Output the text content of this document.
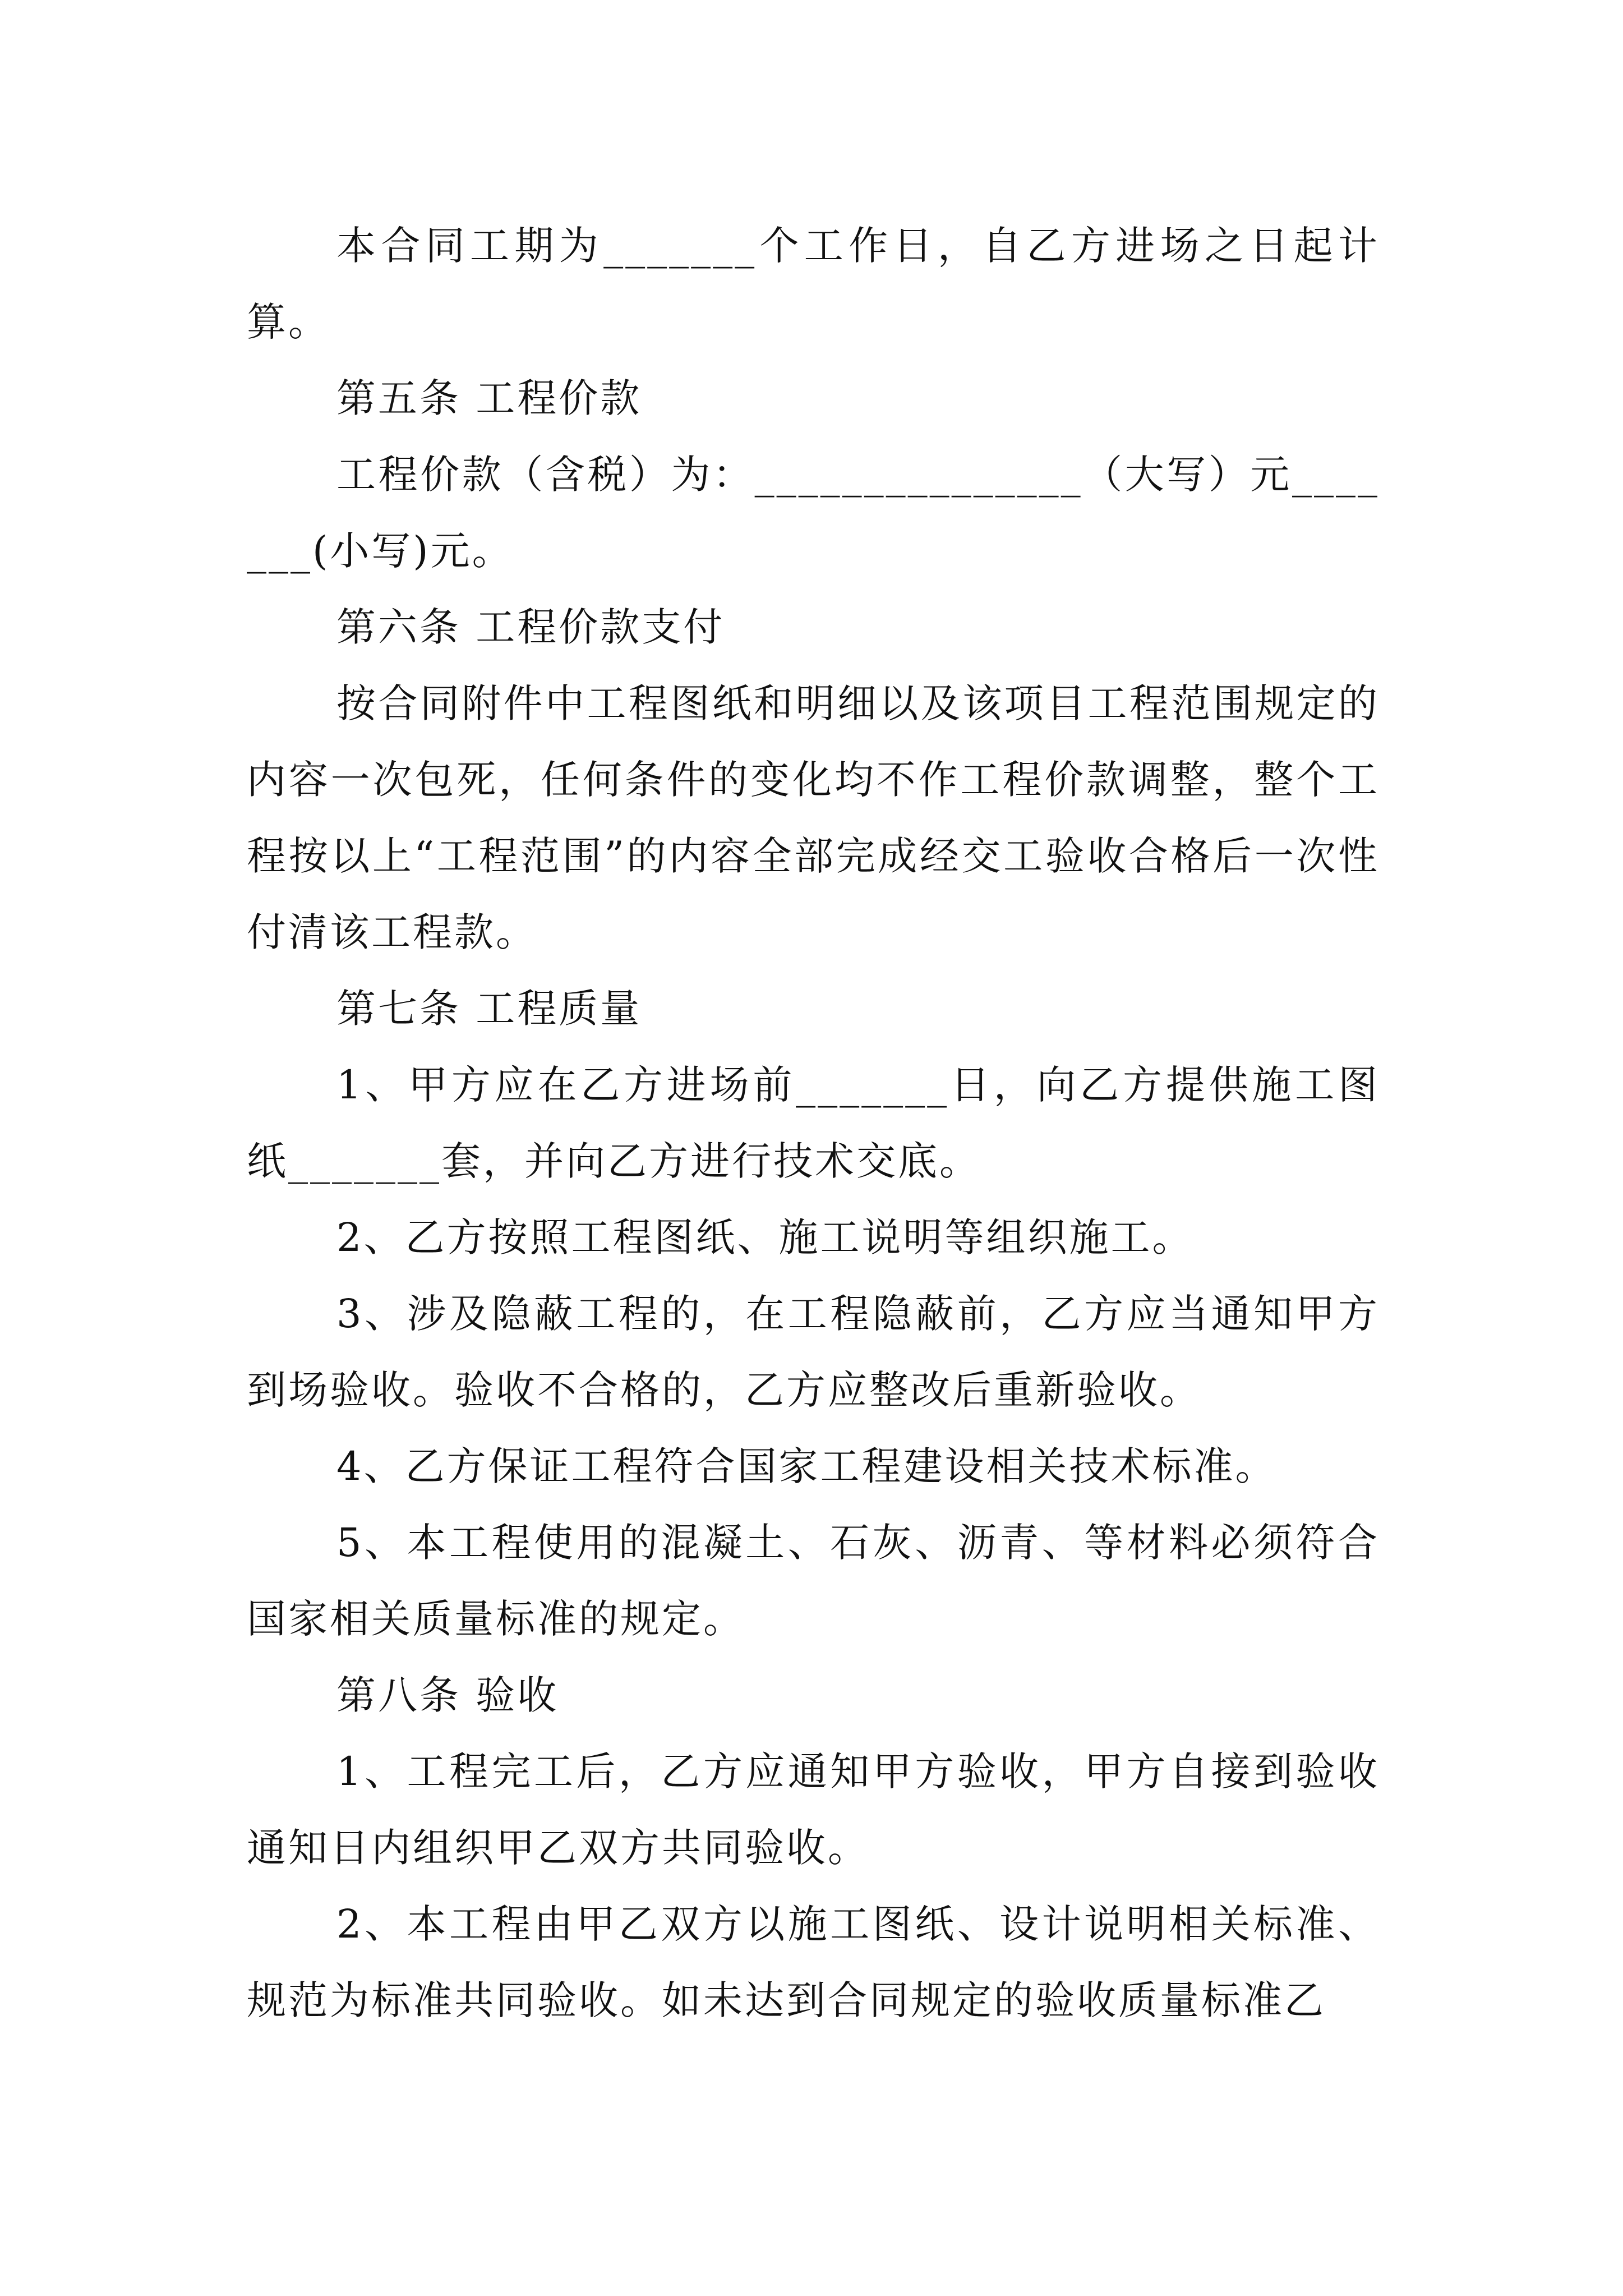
本合同工期为_______个工作日，自乙方进场之日起计算。

第五条 工程价款

工程价款（含税）为：_______________（大写）元_______(小写)元。

第六条 工程价款支付

按合同附件中工程图纸和明细以及该项目工程范围规定的内容一次包死，任何条件的变化均不作工程价款调整，整个工程按以上“工程范围”的内容全部完成经交工验收合格后一次性付清该工程款。

第七条 工程质量

1、甲方应在乙方进场前_______日，向乙方提供施工图纸_______套，并向乙方进行技术交底。

2、乙方按照工程图纸、施工说明等组织施工。

3、涉及隐蔽工程的，在工程隐蔽前，乙方应当通知甲方到场验收。验收不合格的，乙方应整改后重新验收。

4、乙方保证工程符合国家工程建设相关技术标准。

5、本工程使用的混凝土、石灰、沥青、等材料必须符合国家相关质量标准的规定。

第八条 验收

1、工程完工后，乙方应通知甲方验收，甲方自接到验收通知日内组织甲乙双方共同验收。

2、本工程由甲乙双方以施工图纸、设计说明相关标准、规范为标准共同验收。如未达到合同规定的验收质量标准乙
